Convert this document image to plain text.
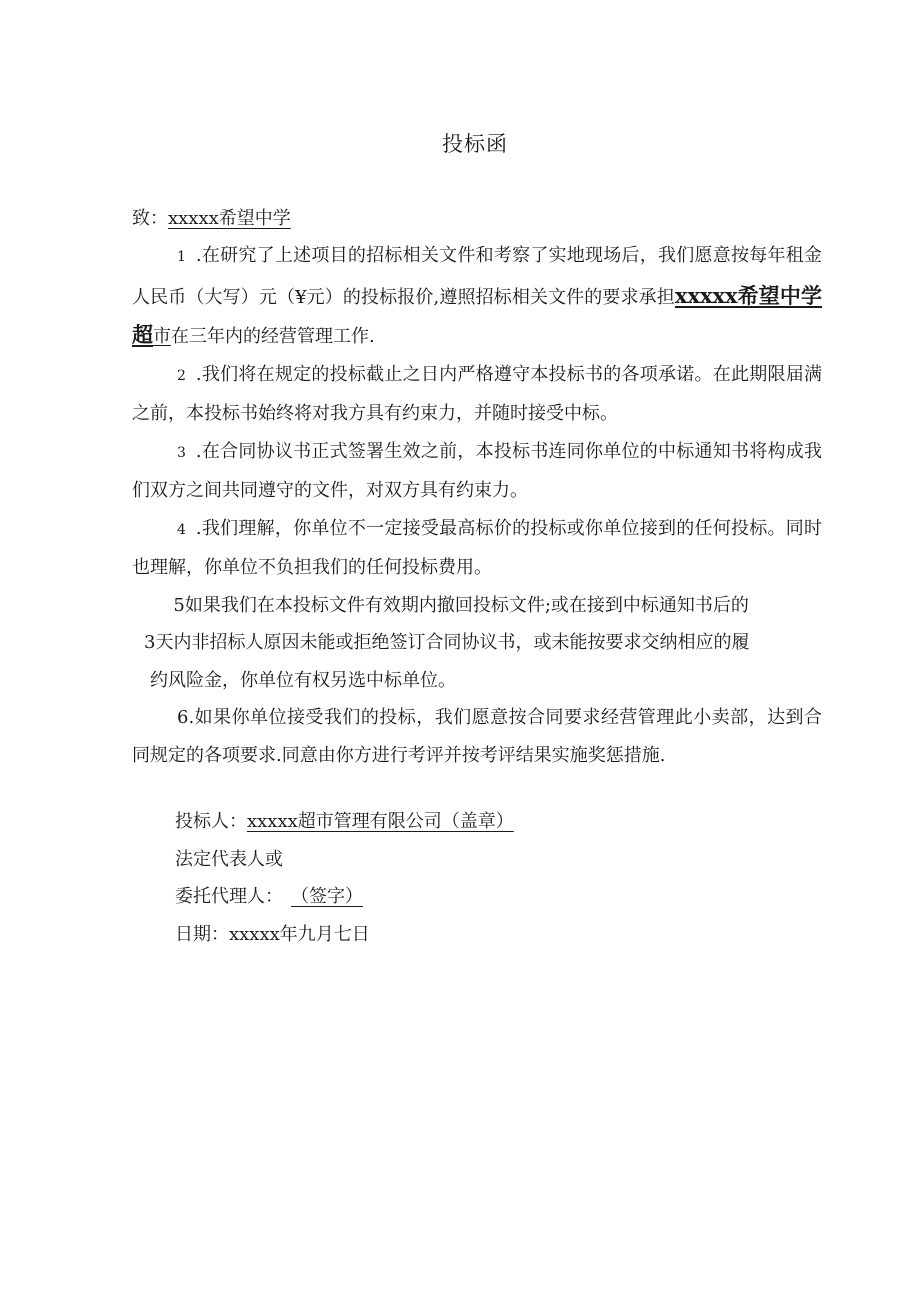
投标函
致：xxxxx希望中学

1 .在研究了上述项目的招标相关文件和考察了实地现场后，我们愿意按每年租金人民币（大写）元（¥元）的投标报价,遵照招标相关文件的要求承担xxxxx希望中学超市在三年内的经营管理工作.

2 .我们将在规定的投标截止之日内严格遵守本投标书的各项承诺。在此期限届满之前，本投标书始终将对我方具有约束力，并随时接受中标。

3 .在合同协议书正式签署生效之前，本投标书连同你单位的中标通知书将构成我们双方之间共同遵守的文件，对双方具有约束力。

4 .我们理解，你单位不一定接受最高标价的投标或你单位接到的任何投标。同时也理解，你单位不负担我们的任何投标费用。

5如果我们在本投标文件有效期内撤回投标文件;或在接到中标通知书后的
3天内非招标人原因未能或拒绝签订合同协议书，或未能按要求交纳相应的履
约风险金，你单位有权另选中标单位。

6.如果你单位接受我们的投标，我们愿意按合同要求经营管理此小卖部，达到合同规定的各项要求.同意由你方进行考评并按考评结果实施奖惩措施.

投标人：xxxxx超市管理有限公司（盖章）
法定代表人或
委托代理人： （签字）
日期：xxxxx年九月七日
